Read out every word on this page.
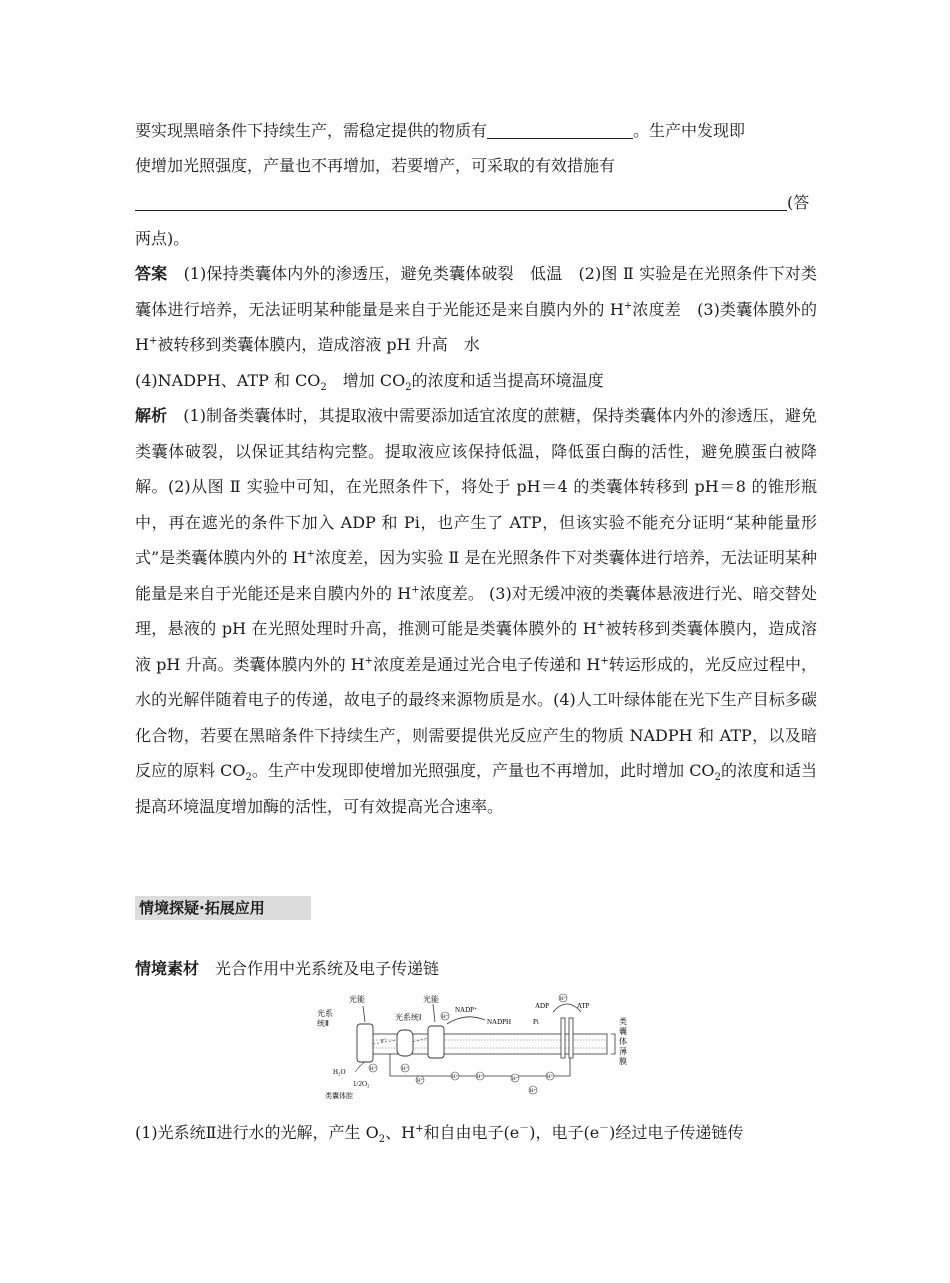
要实现黑暗条件下持续生产，需稳定提供的物质有	。生产中发现即
使增加光照强度，产量也不再增加，若要增产，可采取的有效措施有
(答
两点)。

答案　 (1)保持类囊体内外的渗透压，避免类囊体破裂　低温　(2)图 Ⅱ 实验是在光照条件下对类囊体进行培养，无法证明某种能量是来自于光能还是来自膜内外的 H+浓度差　(3)类囊体膜外的 H+被转移到类囊体膜内，造成溶液 pH 升高　水

(4)NADPH、ATP 和 $CO_2$　增加 $CO_2$的浓度和适当提高环境温度

解析　 (1)制备类囊体时，其提取液中需要添加适宜浓度的蔗糖，保持类囊体内外的渗透压，避免类囊体破裂，以保证其结构完整。提取液应该保持低温，降低蛋白酶的活性，避免膜蛋白被降解。(2)从图 Ⅱ 实验中可知，在光照条件下，将处于 pH＝4 的类囊体转移到 pH＝8 的锥形瓶中，再在遮光的条件下加入 ADP 和 Pi，也产生了 ATP，但该实验不能充分证明“某种能量形式”是类囊体膜内外的 H+浓度差，因为实验 Ⅱ 是在光照条件下对类囊体进行培养，无法证明某种能量是来自于光能还是来自膜内外的 H+浓度差。 (3)对无缓冲液的类囊体悬液进行光、暗交替处理，悬液的 pH 在光照处理时升高，推测可能是类囊体膜外的 H+被转移到类囊体膜内，造成溶液 pH 升高。类囊体膜内外的 H+浓度差是通过光合电子传递和 H+转运形成的，光反应过程中，水的光解伴随着电子的传递，故电子的最终来源物质是水。(4)人工叶绿体能在光下生产目标多碳化合物，若要在黑暗条件下持续生产，则需要提供光反应产生的物质 NADPH 和 ATP，以及暗反应的原料 $CO_2$。生产中发现即使增加光照强度，产量也不再增加，此时增加 $CO_2$的浓度和适当提高环境温度增加酶的活性，可有效提高光合速率。

情境探疑·拓展应用
情境素材　 光合作用中光系统及电子传递链
光系
统Ⅱ
光能
光系统Ⅰ
光能
NADP⁺
NADPH	Pi
ADP	ATP
H₂O
1/2O₂
类囊体腔
e⁻
H⁺
H⁺
H⁺	H⁺
H⁺
H⁺	H⁺	H⁺	H⁺
H⁺
类
囊
体
薄
膜
(1)光系统Ⅱ进行水的光解，产生 $O_2$、H+和自由电子(e－)，电子(e－)经过电子传递链传
